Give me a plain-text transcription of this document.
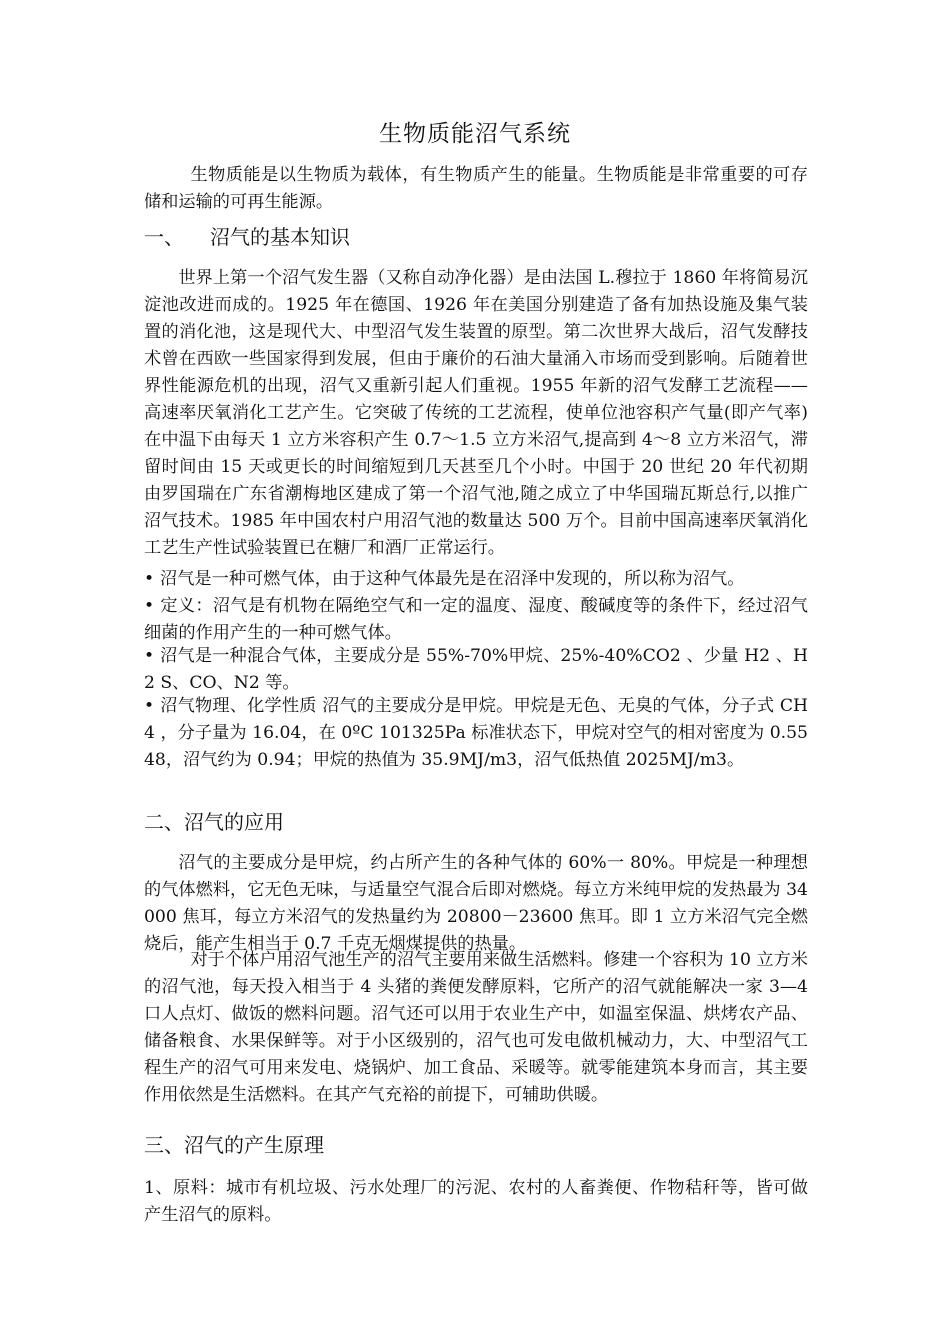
生物质能沼气系统
生物质能是以生物质为载体，有生物质产生的能量。生物质能是非常重要的可存储和运输的可再生能源。
一、 沼气的基本知识
世界上第一个沼气发生器（又称自动净化器）是由法国 L.穆拉于 1860 年将简易沉淀池改进而成的。1925 年在德国、1926 年在美国分别建造了备有加热设施及集气装置的消化池，这是现代大、中型沼气发生装置的原型。第二次世界大战后，沼气发酵技术曾在西欧一些国家得到发展，但由于廉价的石油大量涌入市场而受到影响。后随着世界性能源危机的出现，沼气又重新引起人们重视。1955 年新的沼气发酵工艺流程——高速率厌氧消化工艺产生。它突破了传统的工艺流程，使单位池容积产气量(即产气率)在中温下由每天 1 立方米容积产生 0.7～1.5 立方米沼气,提高到 4～8 立方米沼气，滞留时间由 15 天或更长的时间缩短到几天甚至几个小时。中国于 20 世纪 20 年代初期由罗国瑞在广东省潮梅地区建成了第一个沼气池,随之成立了中华国瑞瓦斯总行,以推广沼气技术。1985 年中国农村户用沼气池的数量达 500 万个。目前中国高速率厌氧消化工艺生产性试验装置已在糖厂和酒厂正常运行。
• 沼气是一种可燃气体，由于这种气体最先是在沼泽中发现的，所以称为沼气。
• 定义：沼气是有机物在隔绝空气和一定的温度、湿度、酸碱度等的条件下，经过沼气细菌的作用产生的一种可燃气体。
• 沼气是一种混合气体，主要成分是 55%-70%甲烷、25%-40%CO2 、少量 H2 、H2 S、CO、N2 等。
• 沼气物理、化学性质 沼气的主要成分是甲烷。甲烷是无色、无臭的气体，分子式 CH4 ，分子量为 16.04，在 0ºC 101325Pa 标准状态下，甲烷对空气的相对密度为 0.5548，沼气约为 0.94；甲烷的热值为 35.9MJ/m3，沼气低热值 2025MJ/m3。
二、沼气的应用
沼气的主要成分是甲烷，约占所产生的各种气体的 60%一 80%。甲烷是一种理想的气体燃料，它无色无味，与适量空气混合后即对燃烧。每立方米纯甲烷的发热最为 34000 焦耳，每立方米沼气的发热量约为 20800－23600 焦耳。即 1 立方米沼气完全燃烧后，能产生相当于 0.7 千克无烟煤提供的热量。
对于个体户用沼气池生产的沼气主要用来做生活燃料。修建一个容积为 10 立方米的沼气池，每天投入相当于 4 头猪的粪便发酵原料，它所产的沼气就能解决一家 3—4 口人点灯、做饭的燃料问题。沼气还可以用于农业生产中，如温室保温、烘烤农产品、储备粮食、水果保鲜等。对于小区级别的，沼气也可发电做机械动力，大、中型沼气工程生产的沼气可用来发电、烧锅炉、加工食品、采暖等。就零能建筑本身而言，其主要作用依然是生活燃料。在其产气充裕的前提下，可辅助供暖。
三、沼气的产生原理
1、原料：城市有机垃圾、污水处理厂的污泥、农村的人畜粪便、作物秸秆等，皆可做产生沼气的原料。
